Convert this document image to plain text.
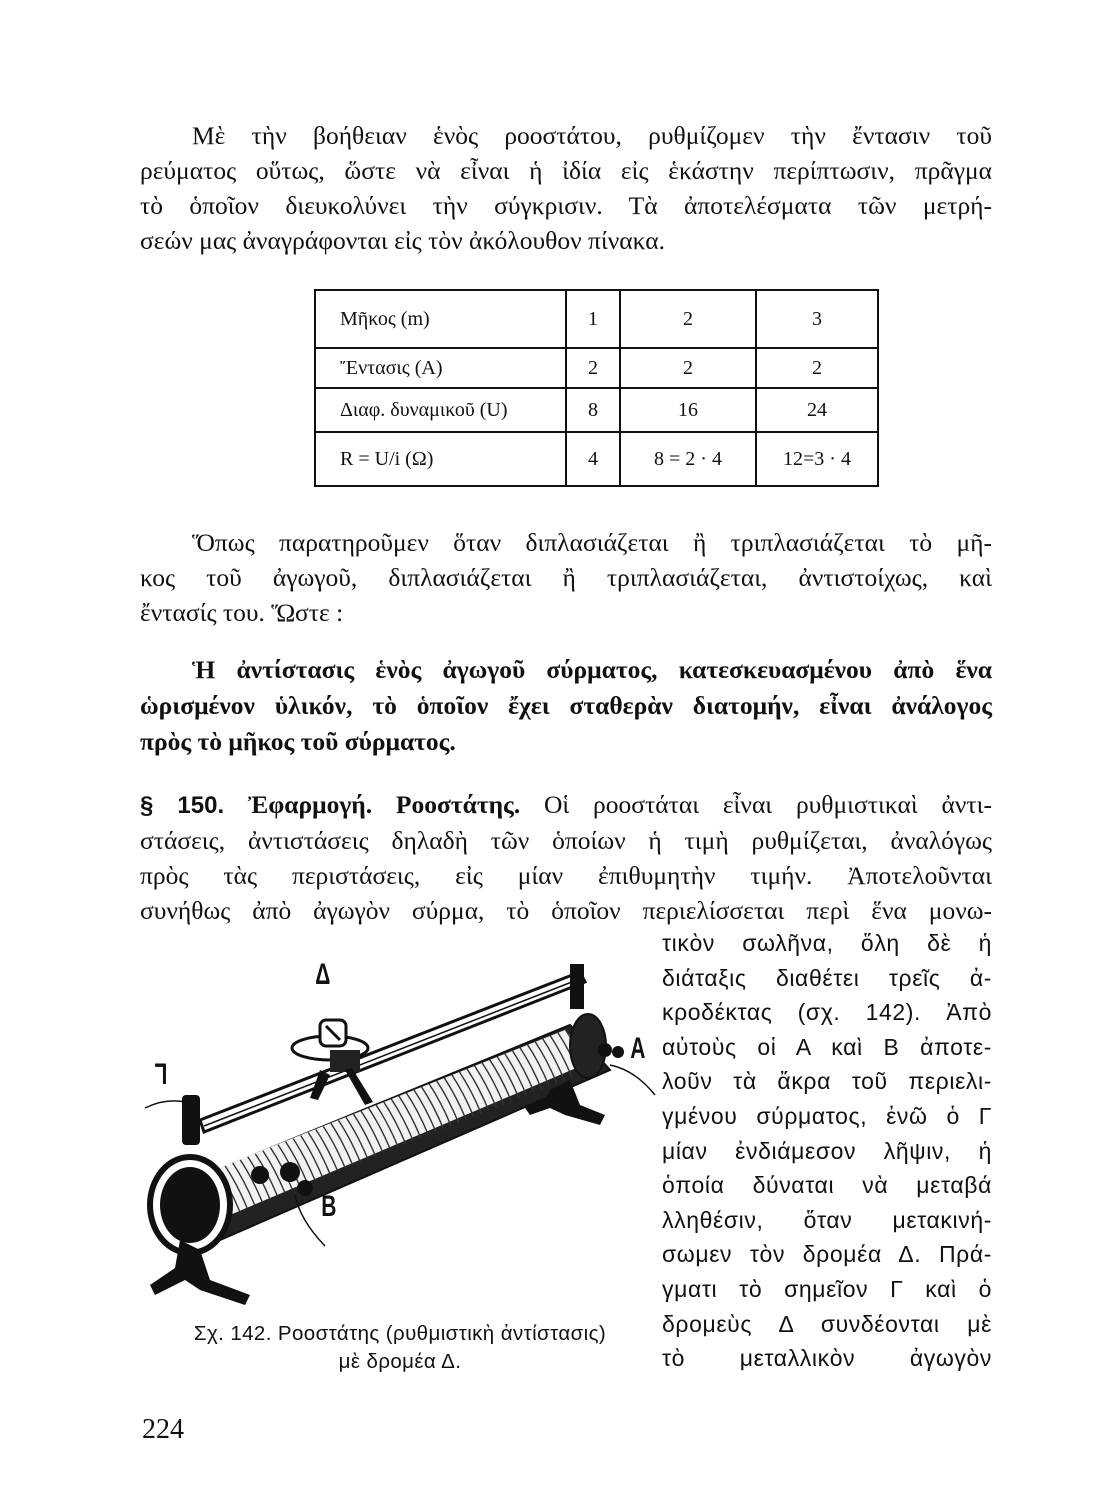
Μὲ τὴν βοήθειαν ἑνὸς ροοστάτου, ρυθμίζομεν τὴν ἔντασιν τοῦ
ρεύματος οὕτως, ὥστε νὰ εἶναι ἡ ἰδία εἰς ἑκάστην περίπτωσιν, πρᾶγμα
τὸ ὁποῖον διευκολύνει τὴν σύγκρισιν. Τὰ ἀποτελέσματα τῶν μετρή-
σεών μας ἀναγράφονται εἰς τὸν ἀκόλουθον πίνακα.
Μῆκος (m)	1	2	3
Ἔντασις (A)	2	2	2
Διαφ. δυναμικοῦ (U)	8	16	24
R = U/i (Ω)	4	8 = 2 · 4	12=3 · 4
Ὅπως παρατηροῦμεν ὅταν διπλασιάζεται ἢ τριπλασιάζεται τὸ μῆ-
κος τοῦ ἀγωγοῦ, διπλασιάζεται ἢ τριπλασιάζεται, ἀντιστοίχως, καὶ
ἔντασίς του. Ὥστε :
Ἡ ἀντίστασις ἑνὸς ἀγωγοῦ σύρματος, κατεσκευασμένου ἀπὸ ἕνα
ὡρισμένον ὑλικόν, τὸ ὁποῖον ἔχει σταθερὰν διατομήν, εἶναι ἀνάλογος
πρὸς τὸ μῆκος τοῦ σύρματος.
§ 150. Ἐφαρμογή. Ροοστάτης. Οἱ ροοστάται εἶναι ρυθμιστικαὶ ἀντι-
στάσεις, ἀντιστάσεις δηλαδὴ τῶν ὁποίων ἡ τιμὴ ρυθμίζεται, ἀναλόγως
πρὸς τὰς περιστάσεις, εἰς μίαν ἐπιθυμητὴν τιμήν. Ἀποτελοῦνται
συνήθως ἀπὸ ἀγωγὸν σύρμα, τὸ ὁποῖον περιελίσσεται περὶ ἕνα μονω-
τικὸν σωλῆνα, ὅλη δὲ ἡ
διάταξις διαθέτει τρεῖς ἀ-
κροδέκτας (σχ. 142). Ἀπὸ
αὐτοὺς οἱ Α καὶ Β ἀποτε-
λοῦν τὰ ἄκρα τοῦ περιελι-
γμένου σύρματος, ἐνῶ ὁ Γ
μίαν ἐνδιάμεσον λῆψιν, ἡ
ὁποία δύναται νὰ μεταβά
λληθέσιν, ὅταν μετακινή-
σωμεν τὸν δρομέα Δ. Πρά-
γματι τὸ σημεῖον Γ καὶ ὁ
δρομεὺς Δ συνδέονται μὲ
τὸ μεταλλικὸν ἀγωγὸν
Δ
Α
Γ
Β
Σχ. 142. Ροοστάτης (ρυθμιστικὴ ἀντίστασις)
μὲ δρομέα Δ.
224
